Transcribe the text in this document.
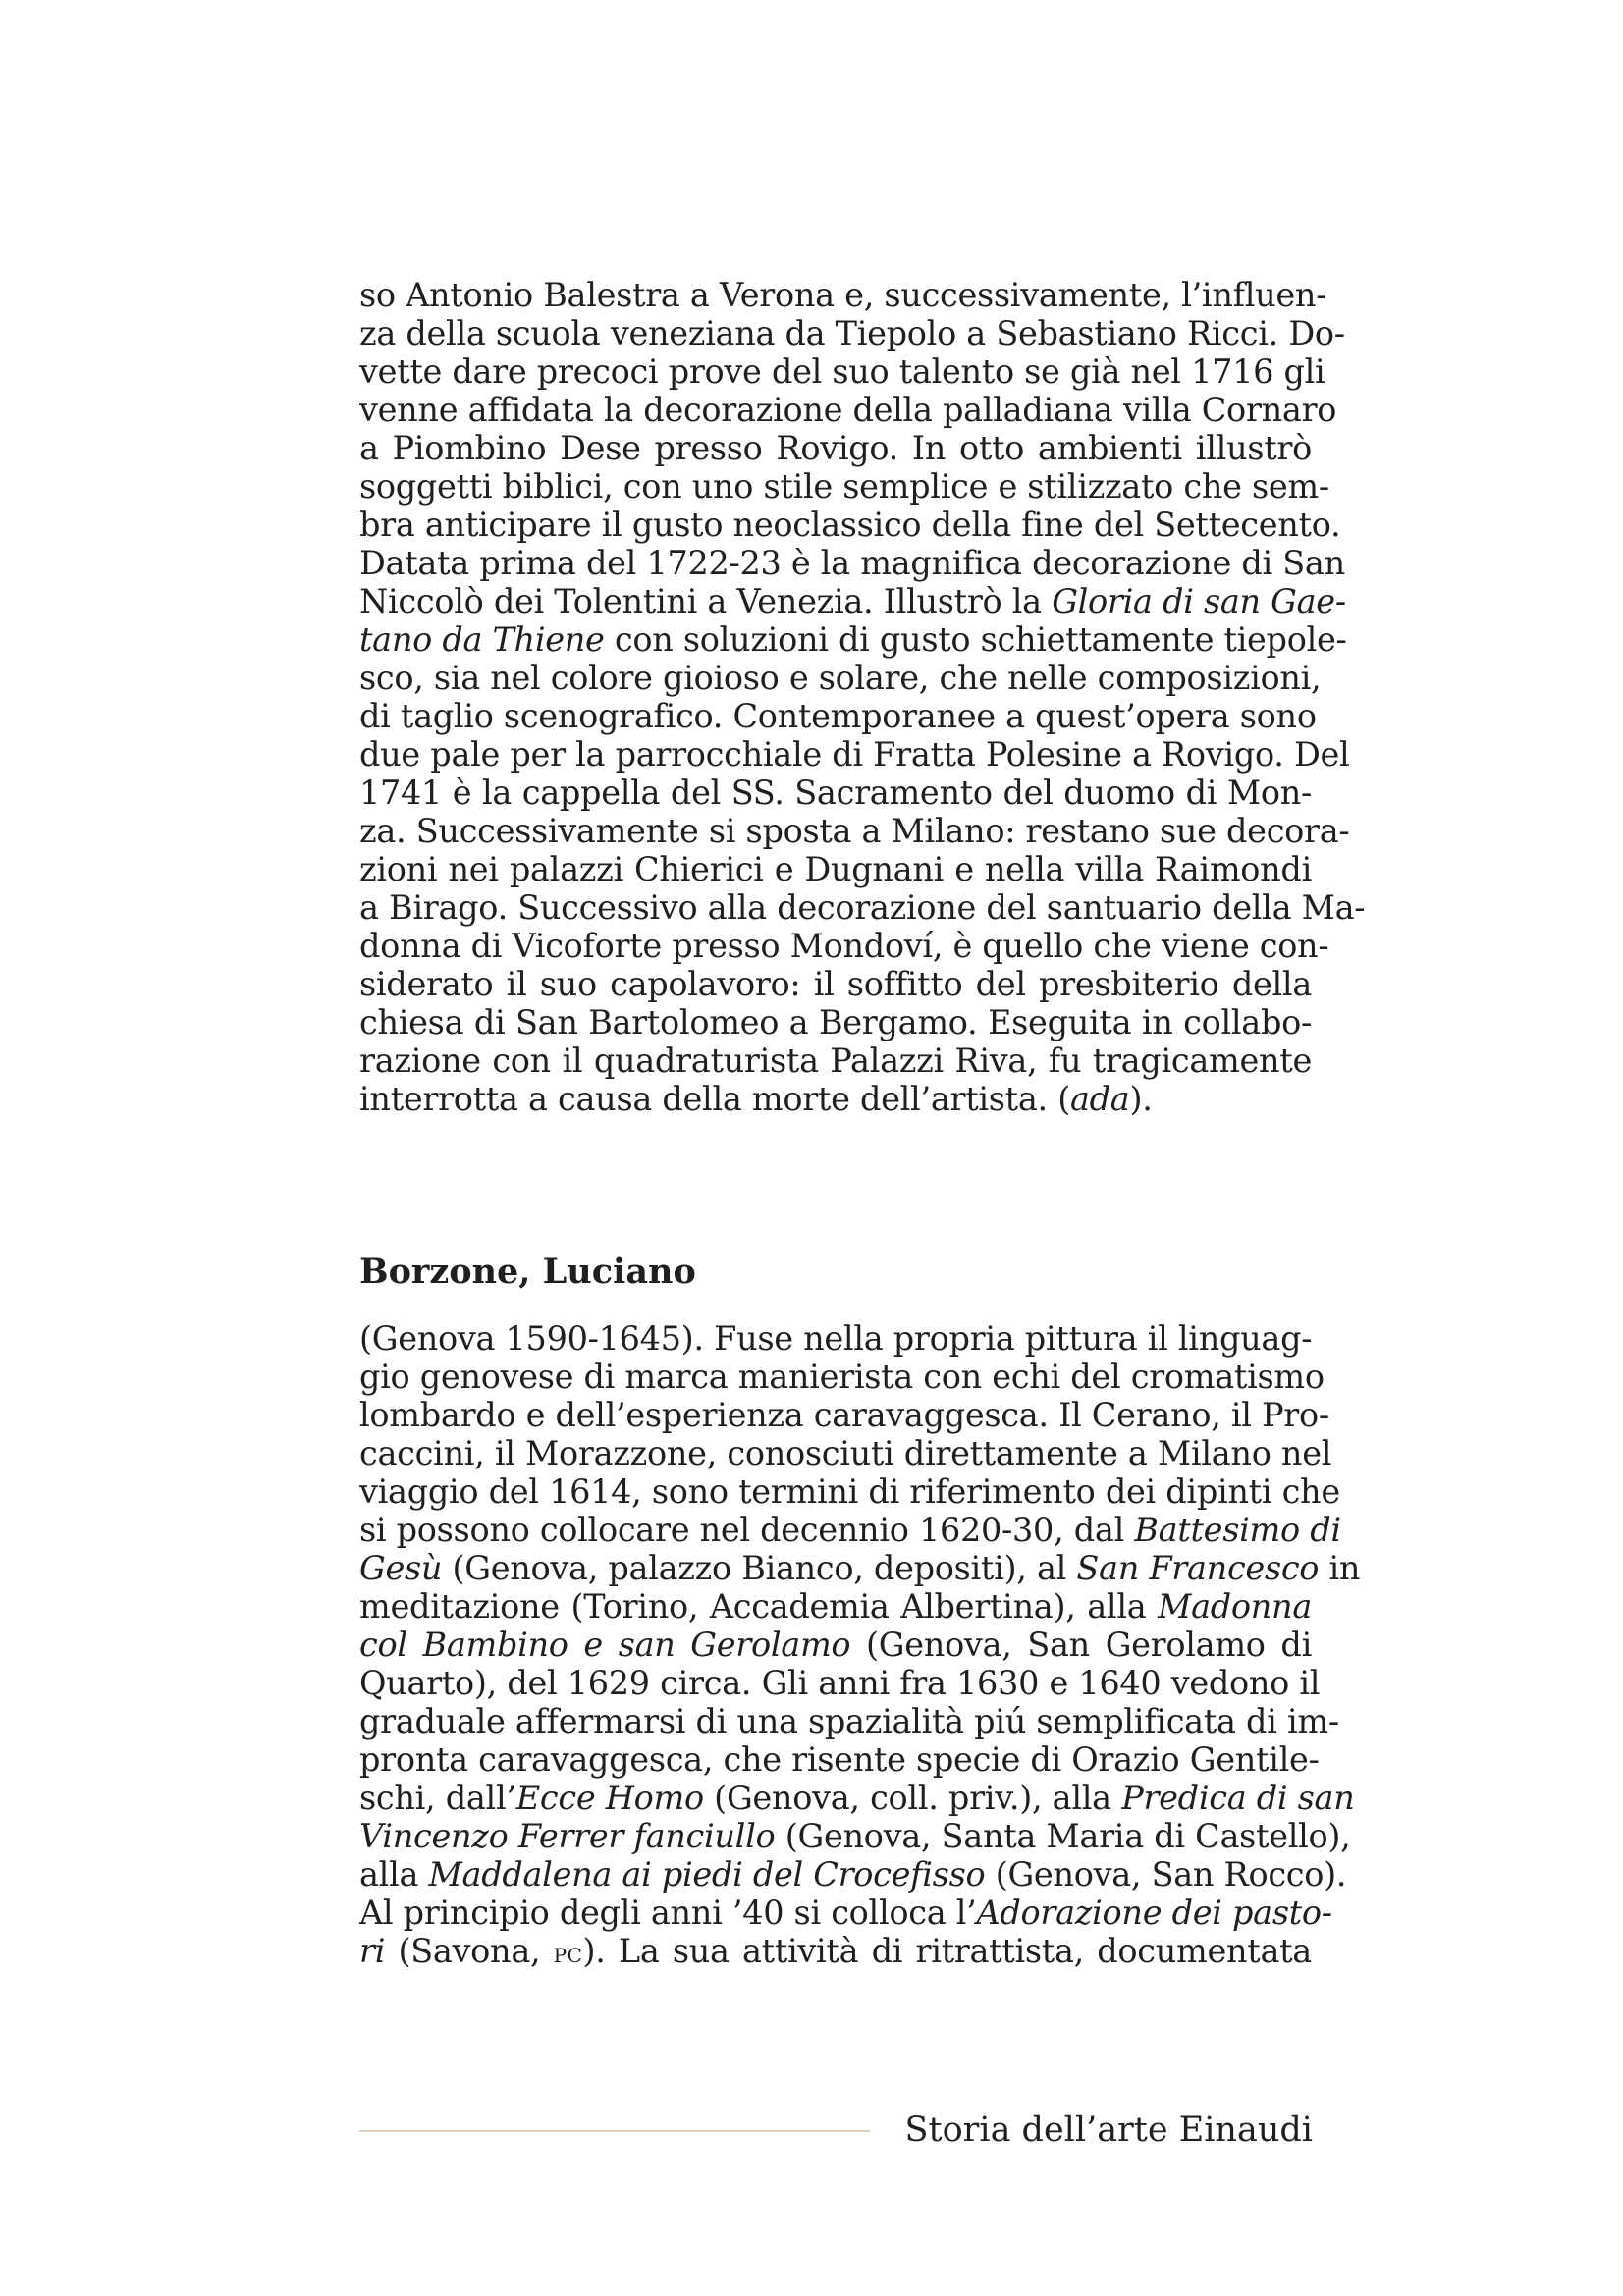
so Antonio Balestra a Verona e, successivamente, l’influen-
za della scuola veneziana da Tiepolo a Sebastiano Ricci. Do-
vette dare precoci prove del suo talento se già nel 1716 gli
venne affidata la decorazione della palladiana villa Cornaro
a Piombino Dese presso Rovigo. In otto ambienti illustrò
soggetti biblici, con uno stile semplice e stilizzato che sem-
bra anticipare il gusto neoclassico della fine del Settecento.
Datata prima del 1722-23 è la magnifica decorazione di San
Niccolò dei Tolentini a Venezia. Illustrò la Gloria di san Gae-
tano da Thiene con soluzioni di gusto schiettamente tiepole-
sco, sia nel colore gioioso e solare, che nelle composizioni,
di taglio scenografico. Contemporanee a quest’opera sono
due pale per la parrocchiale di Fratta Polesine a Rovigo. Del
1741 è la cappella del SS. Sacramento del duomo di Mon-
za. Successivamente si sposta a Milano: restano sue decora-
zioni nei palazzi Chierici e Dugnani e nella villa Raimondi
a Birago. Successivo alla decorazione del santuario della Ma-
donna di Vicoforte presso Mondoví, è quello che viene con-
siderato il suo capolavoro: il soffitto del presbiterio della
chiesa di San Bartolomeo a Bergamo. Eseguita in collabo-
razione con il quadraturista Palazzi Riva, fu tragicamente
interrotta a causa della morte dell’artista. (ada).
Borzone, Luciano
(Genova 1590-1645). Fuse nella propria pittura il linguag-
gio genovese di marca manierista con echi del cromatismo
lombardo e dell’esperienza caravaggesca. Il Cerano, il Pro-
caccini, il Morazzone, conosciuti direttamente a Milano nel
viaggio del 1614, sono termini di riferimento dei dipinti che
si possono collocare nel decennio 1620-30, dal Battesimo di
Gesù (Genova, palazzo Bianco, depositi), al San Francesco in
meditazione (Torino, Accademia Albertina), alla Madonna
col Bambino e san Gerolamo (Genova, San Gerolamo di
Quarto), del 1629 circa. Gli anni fra 1630 e 1640 vedono il
graduale affermarsi di una spazialità piú semplificata di im-
pronta caravaggesca, che risente specie di Orazio Gentile-
schi, dall’Ecce Homo (Genova, coll. priv.), alla Predica di san
Vincenzo Ferrer fanciullo (Genova, Santa Maria di Castello),
alla Maddalena ai piedi del Crocefisso (Genova, San Rocco).
Al principio degli anni ’40 si colloca l’Adorazione dei pasto-
ri (Savona, pc). La sua attività di ritrattista, documentata
Storia dell’arte Einaudi
